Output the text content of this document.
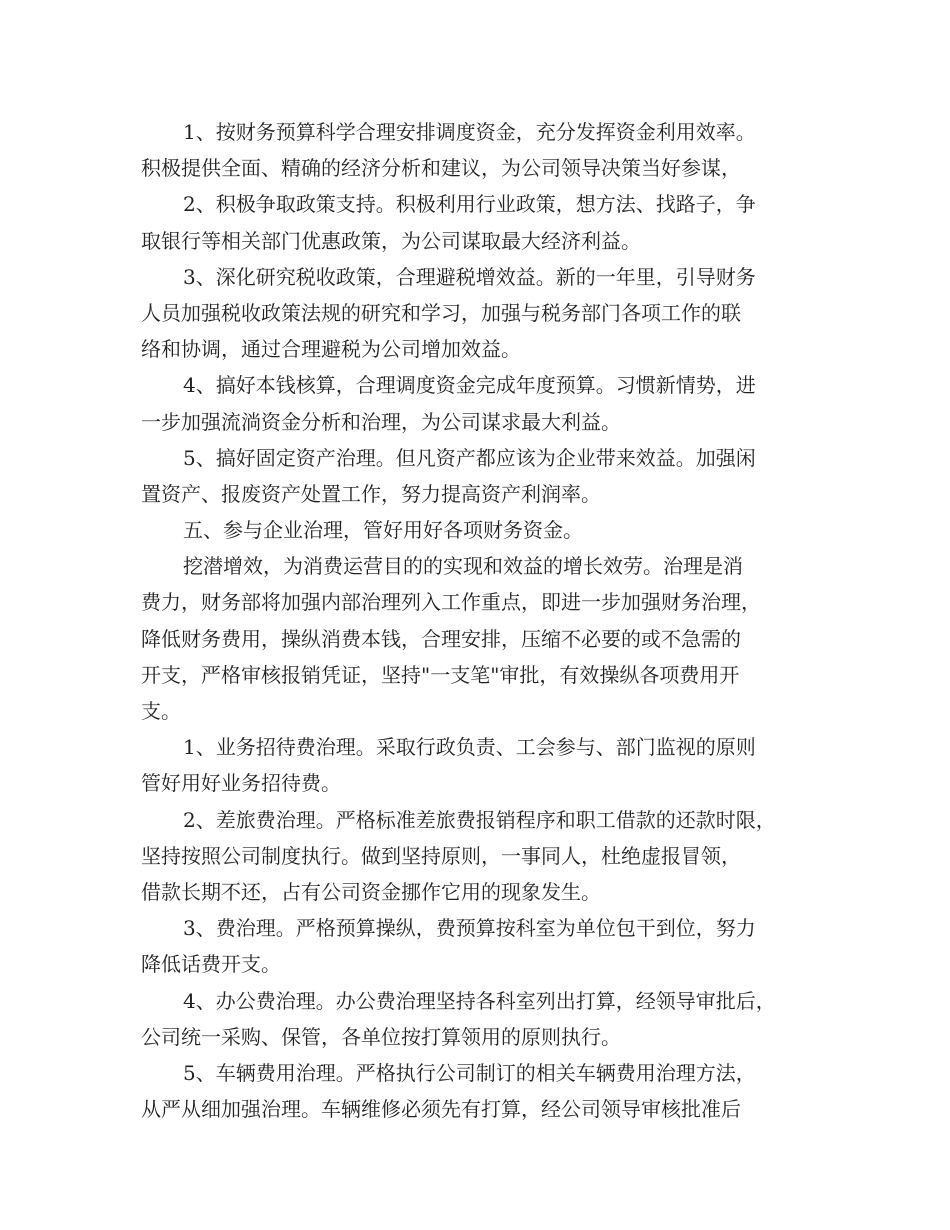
1、按财务预算科学合理安排调度资金，充分发挥资金利用效率。
积极提供全面、精确的经济分析和建议，为公司领导决策当好参谋，
2、积极争取政策支持。积极利用行业政策，想方法、找路子，争
取银行等相关部门优惠政策，为公司谋取最大经济利益。
3、深化研究税收政策，合理避税增效益。新的一年里，引导财务
人员加强税收政策法规的研究和学习，加强与税务部门各项工作的联
络和协调，通过合理避税为公司增加效益。
4、搞好本钱核算，合理调度资金完成年度预算。习惯新情势，进
一步加强流淌资金分析和治理，为公司谋求最大利益。
5、搞好固定资产治理。但凡资产都应该为企业带来效益。加强闲
置资产、报废资产处置工作，努力提高资产利润率。
五、参与企业治理，管好用好各项财务资金。
挖潜增效，为消费运营目的的实现和效益的增长效劳。治理是消
费力，财务部将加强内部治理列入工作重点，即进一步加强财务治理，
降低财务费用，操纵消费本钱，合理安排，压缩不必要的或不急需的
开支，严格审核报销凭证，坚持"一支笔"审批，有效操纵各项费用开
支。
1、业务招待费治理。采取行政负责、工会参与、部门监视的原则
管好用好业务招待费。
2、差旅费治理。严格标准差旅费报销程序和职工借款的还款时限，
坚持按照公司制度执行。做到坚持原则，一事同人，杜绝虚报冒领，
借款长期不还，占有公司资金挪作它用的现象发生。
3、费治理。严格预算操纵，费预算按科室为单位包干到位，努力
降低话费开支。
4、办公费治理。办公费治理坚持各科室列出打算，经领导审批后，
公司统一采购、保管，各单位按打算领用的原则执行。
5、车辆费用治理。严格执行公司制订的相关车辆费用治理方法，
从严从细加强治理。车辆维修必须先有打算，经公司领导审核批准后
